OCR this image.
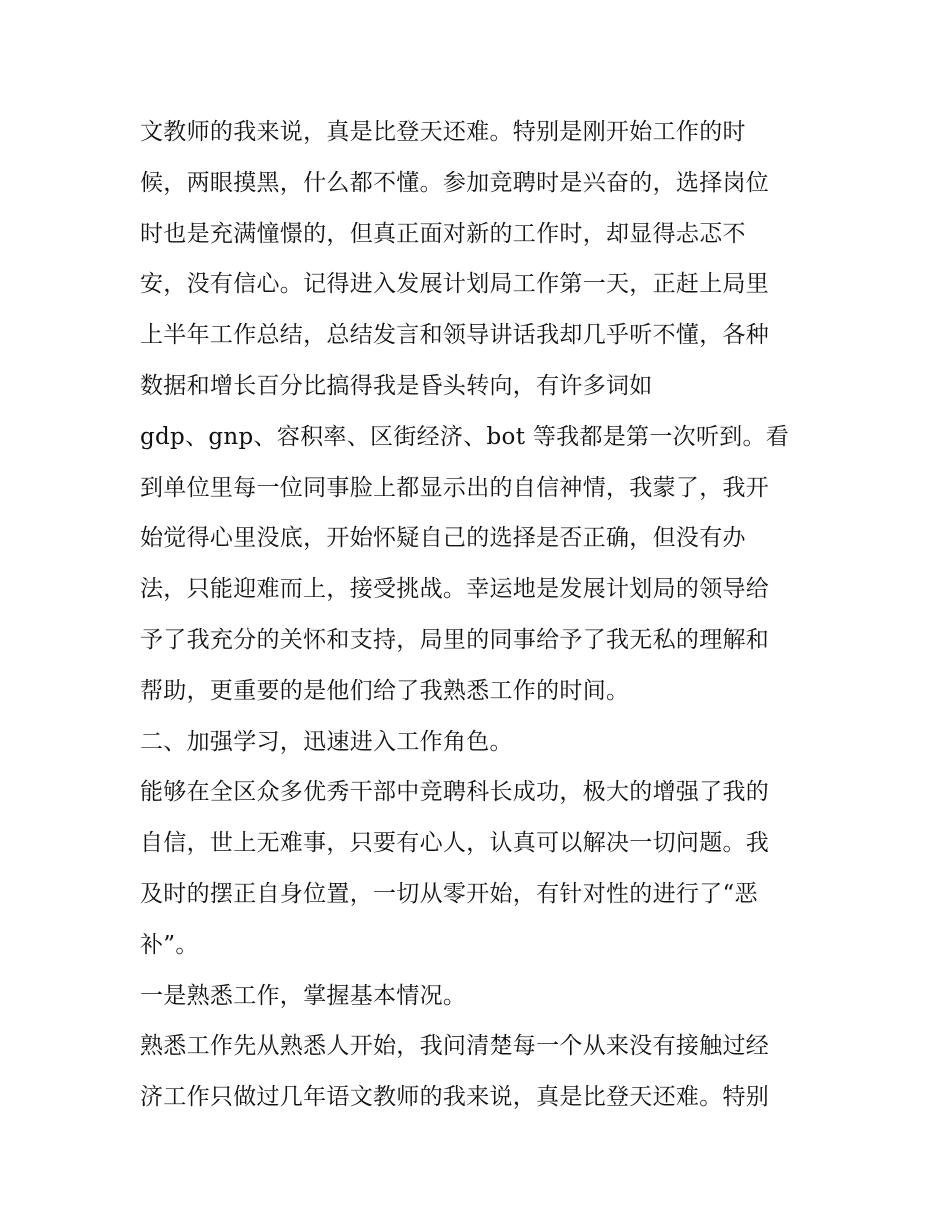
文教师的我来说，真是比登天还难。特别是刚开始工作的时
候，两眼摸黑，什么都不懂。参加竞聘时是兴奋的，选择岗位
时也是充满憧憬的，但真正面对新的工作时，却显得忐忑不
安，没有信心。记得进入发展计划局工作第一天，正赶上局里
上半年工作总结，总结发言和领导讲话我却几乎听不懂，各种
数据和增长百分比搞得我是昏头转向，有许多词如
gdp、gnp、容积率、区街经济、bot 等我都是第一次听到。看
到单位里每一位同事脸上都显示出的自信神情，我蒙了，我开
始觉得心里没底，开始怀疑自己的选择是否正确，但没有办
法，只能迎难而上，接受挑战。幸运地是发展计划局的领导给
予了我充分的关怀和支持，局里的同事给予了我无私的理解和
帮助，更重要的是他们给了我熟悉工作的时间。
二、加强学习，迅速进入工作角色。
能够在全区众多优秀干部中竞聘科长成功，极大的增强了我的
自信，世上无难事，只要有心人，认真可以解决一切问题。我
及时的摆正自身位置，一切从零开始，有针对性的进行了“恶
补”。
一是熟悉工作，掌握基本情况。
熟悉工作先从熟悉人开始，我问清楚每一个从来没有接触过经
济工作只做过几年语文教师的我来说，真是比登天还难。特别
